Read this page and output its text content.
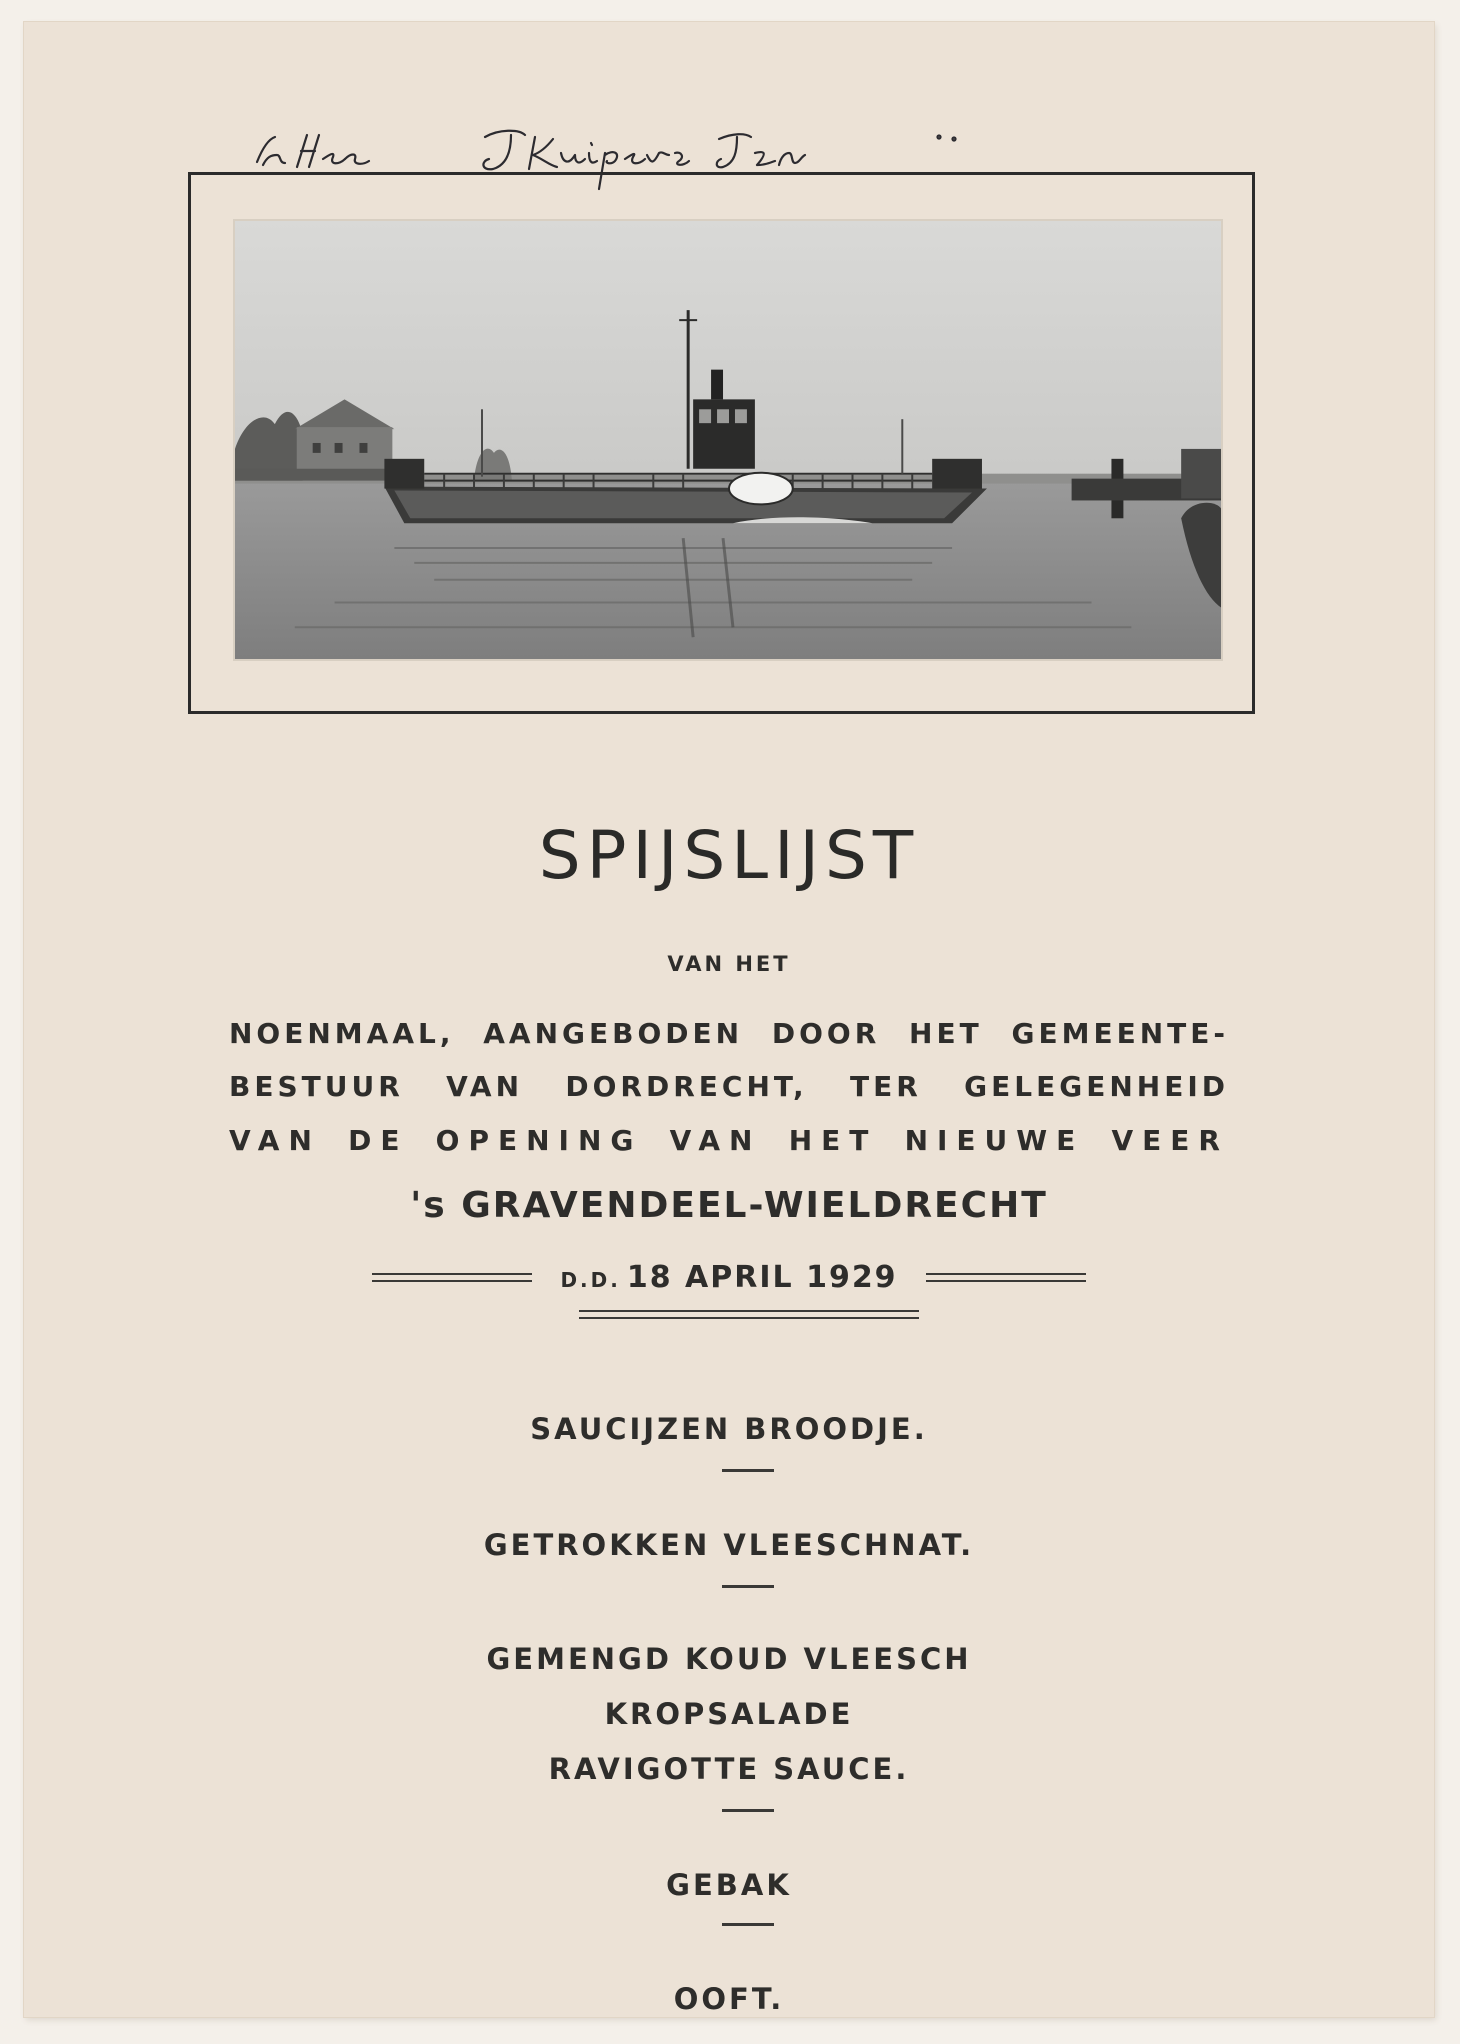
SPIJSLIJST
VAN HET
NOENMAAL, AANGEBODEN DOOR HET GEMEENTE-
BESTUUR VAN DORDRECHT, TER GELEGENHEID
VAN DE OPENING VAN HET NIEUWE VEER
's GRAVENDEEL-WIELDRECHT
D.D. 18 APRIL 1929
SAUCIJZEN BROODJE.
GETROKKEN VLEESCHNAT.
GEMENGD KOUD VLEESCH
KROPSALADE
RAVIGOTTE SAUCE.
GEBAK
OOFT.
